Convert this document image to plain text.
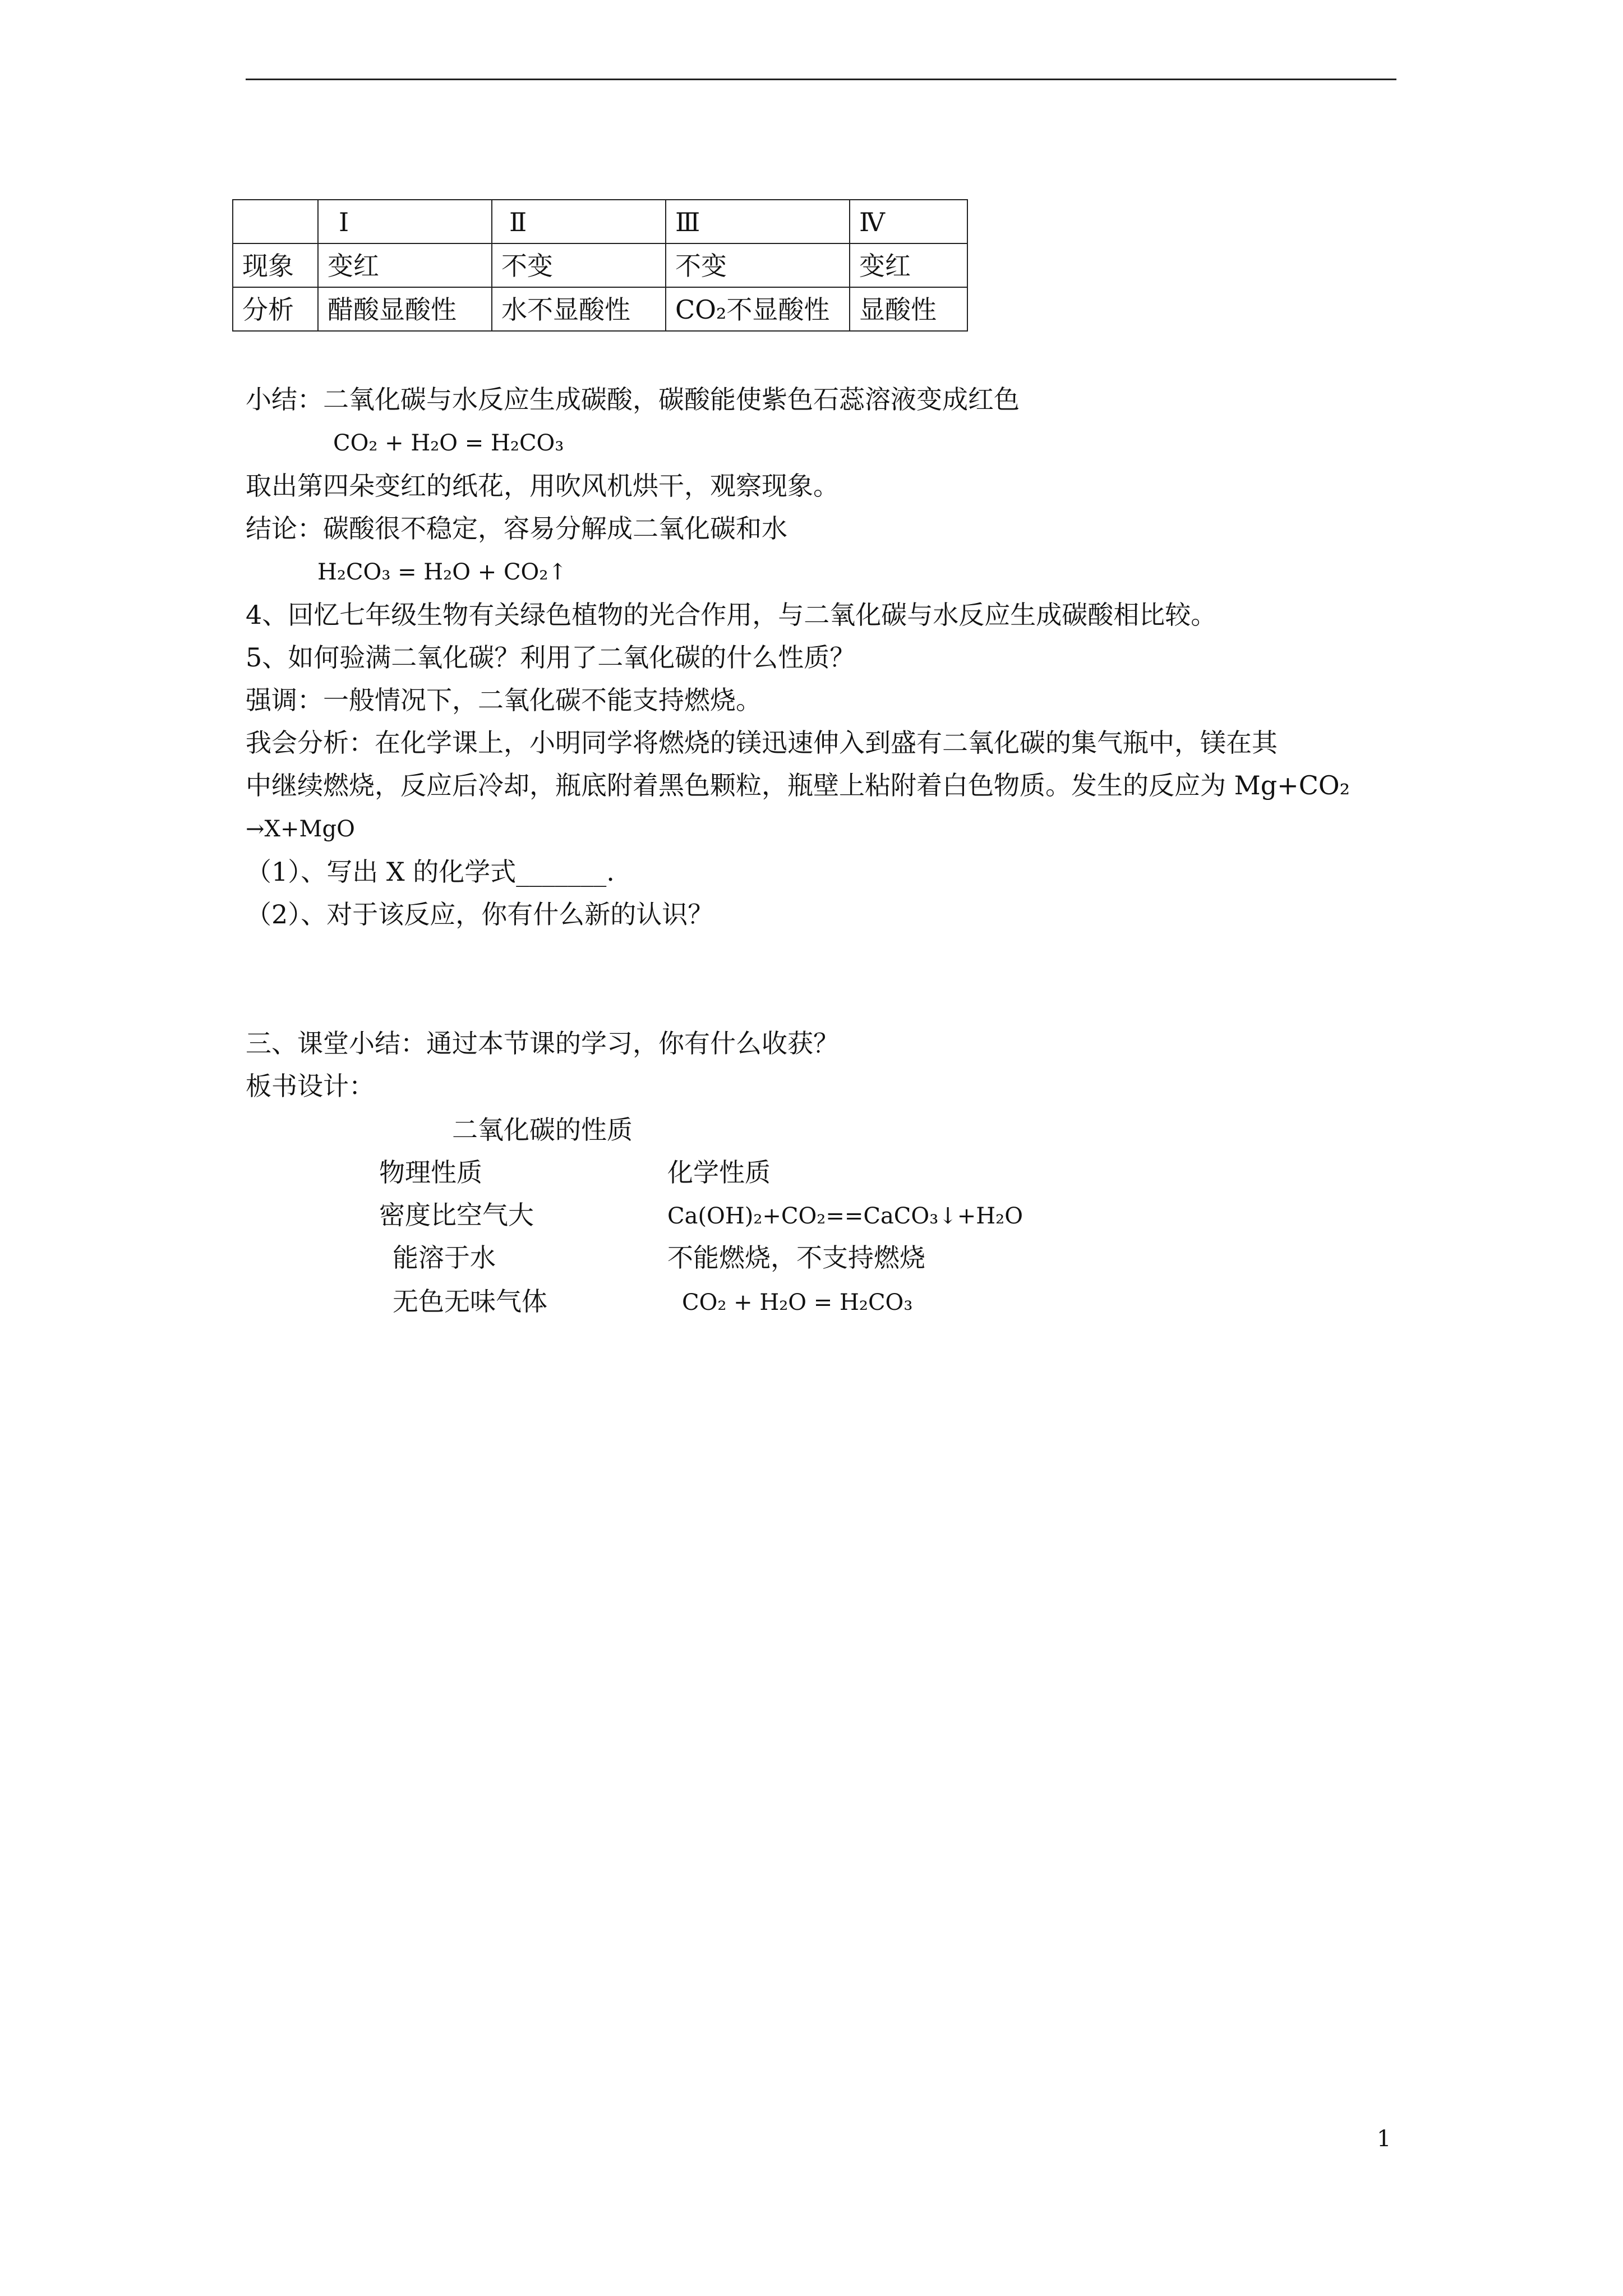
	Ⅰ	Ⅱ	Ⅲ	Ⅳ
现象	变红	不变	不变	变红
分析	醋酸显酸性	水不显酸性	CO₂不显酸性	显酸性
小结：二氧化碳与水反应生成碳酸，碳酸能使紫色石蕊溶液变成红色
CO₂ + H₂O = H₂CO₃
取出第四朵变红的纸花，用吹风机烘干，观察现象。
结论：碳酸很不稳定，容易分解成二氧化碳和水
H₂CO₃ = H₂O + CO₂↑
4、回忆七年级生物有关绿色植物的光合作用，与二氧化碳与水反应生成碳酸相比较。
5、如何验满二氧化碳？利用了二氧化碳的什么性质？
强调：一般情况下，二氧化碳不能支持燃烧。
我会分析：在化学课上，小明同学将燃烧的镁迅速伸入到盛有二氧化碳的集气瓶中，镁在其
中继续燃烧，反应后冷却，瓶底附着黑色颗粒，瓶壁上粘附着白色物质。发生的反应为 Mg+CO₂
→X+MgO
（1）、写出 X 的化学式_______.
（2）、对于该反应，你有什么新的认识？
三、课堂小结：通过本节课的学习，你有什么收获？
板书设计：
二氧化碳的性质
物理性质	化学性质
密度比空气大	Ca(OH)₂+CO₂==CaCO₃↓+H₂O
能溶于水	不能燃烧，不支持燃烧
无色无味气体	CO₂ + H₂O = H₂CO₃
1
